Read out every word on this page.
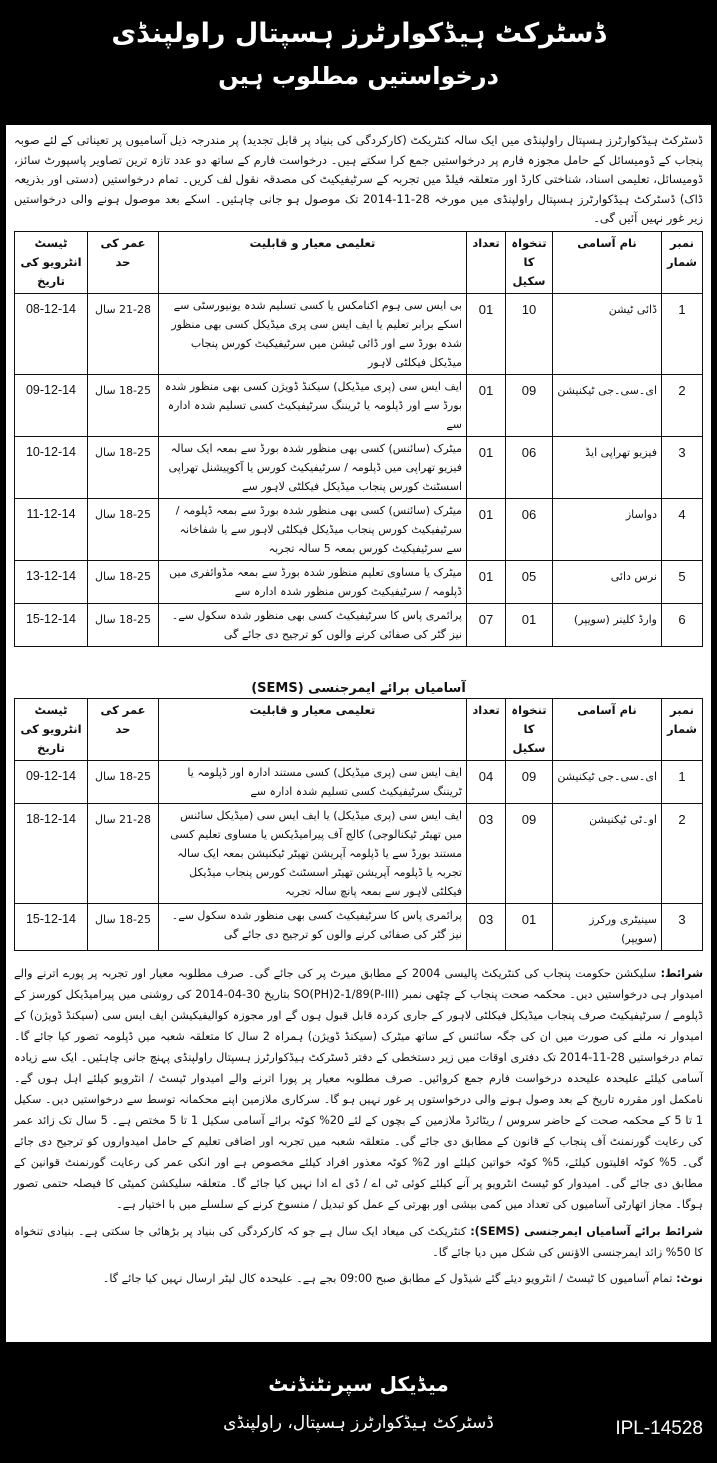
ڈسٹرکٹ ہیڈکوارٹرز ہسپتال راولپنڈی
درخواستیں مطلوب ہیں
ڈسٹرکٹ ہیڈکوارٹرز ہسپتال راولپنڈی میں ایک سالہ کنٹریکٹ (کارکردگی کی بنیاد پر قابل تجدید) پر مندرجہ ذیل آسامیوں پر تعیناتی کے لئے صوبہ پنجاب کے ڈومیسائل کے حامل مجوزہ فارم پر درخواستیں جمع کرا سکتے ہیں۔ درخواست فارم کے ساتھ دو عدد تازہ ترین تصاویر پاسپورٹ سائز، ڈومیسائل، تعلیمی اسناد، شناختی کارڈ اور متعلقہ فیلڈ میں تجربہ کے سرٹیفیکیٹ کی مصدقہ نقول لف کریں۔ تمام درخواستیں (دستی اور بذریعہ ڈاک) ڈسٹرکٹ ہیڈکوارٹرز ہسپتال راولپنڈی میں مورخہ 28-11-2014 تک موصول ہو جانی چاہئیں۔ اسکے بعد موصول ہونے والی درخواستیں زیر غور نہیں آئیں گی۔
نمبر شمار	نام آسامی	تنخواہ کا سکیل	تعداد	تعلیمی معیار و قابلیت	عمر کی حد	ٹیسٹ انٹرویو کی تاریخ
1	ڈائی ٹیشن	10	01	بی ایس سی ہوم اکنامکس یا کسی تسلیم شدہ یونیورسٹی سے اسکے برابر تعلیم یا ایف ایس سی پری میڈیکل کسی بھی منظور شدہ بورڈ سے اور ڈائی ٹیشن میں سرٹیفیکیٹ کورس پنجاب میڈیکل فیکلٹی لاہور	21-28 سال	08-12-14
2	ای۔سی۔جی ٹیکنیشن	09	01	ایف ایس سی (پری میڈیکل) سیکنڈ ڈویژن کسی بھی منظور شدہ بورڈ سے اور ڈپلومہ یا ٹریننگ سرٹیفیکیٹ کسی تسلیم شدہ ادارہ سے	18-25 سال	09-12-14
3	فیزیو تھراپی ایڈ	06	01	میٹرک (سائنس) کسی بھی منظور شدہ بورڈ سے بمعہ ایک سالہ فیزیو تھراپی میں ڈپلومہ / سرٹیفیکیٹ کورس یا آکوپیشنل تھراپی اسسٹنٹ کورس پنجاب میڈیکل فیکلٹی لاہور سے	18-25 سال	10-12-14
4	دواساز	06	01	میٹرک (سائنس) کسی بھی منظور شدہ بورڈ سے بمعہ ڈپلومہ / سرٹیفیکیٹ کورس پنجاب میڈیکل فیکلٹی لاہور سے یا شفاخانہ سے سرٹیفیکیٹ کورس بمعہ 5 سالہ تجربہ	18-25 سال	11-12-14
5	نرس دائی	05	01	میٹرک یا مساوی تعلیم منظور شدہ بورڈ سے بمعہ مڈوائفری میں ڈپلومہ / سرٹیفیکیٹ کورس منظور شدہ ادارہ سے	18-25 سال	13-12-14
6	وارڈ کلینر (سویپر)	01	07	پرائمری پاس کا سرٹیفیکیٹ کسی بھی منظور شدہ سکول سے۔ نیز گٹر کی صفائی کرنے والوں کو ترجیح دی جائے گی	18-25 سال	15-12-14
آسامیاں برائے ایمرجنسی (SEMS)
نمبر شمار	نام آسامی	تنخواہ کا سکیل	تعداد	تعلیمی معیار و قابلیت	عمر کی حد	ٹیسٹ انٹرویو کی تاریخ
1	ای۔سی۔جی ٹیکنیشن	09	04	ایف ایس سی (پری میڈیکل) کسی مستند ادارہ اور ڈپلومہ یا ٹریننگ سرٹیفیکیٹ کسی تسلیم شدہ ادارہ سے	18-25 سال	09-12-14
2	او۔ٹی ٹیکنیشن	09	03	ایف ایس سی (پری میڈیکل) یا ایف ایس سی (میڈیکل سائنس میں تھیٹر ٹیکنالوجی) کالج آف پیرامیڈیکس یا مساوی تعلیم کسی مستند بورڈ سے یا ڈپلومہ آپریشن تھیٹر ٹیکنیشن بمعہ ایک سالہ تجربہ یا ڈپلومہ آپریشن تھیٹر اسسٹنٹ کورس پنجاب میڈیکل فیکلٹی لاہور سے بمعہ پانچ سالہ تجربہ	21-28 سال	18-12-14
3	سینیٹری ورکرز (سویپر)	01	03	پرائمری پاس کا سرٹیفیکیٹ کسی بھی منظور شدہ سکول سے۔ نیز گٹر کی صفائی کرنے والوں کو ترجیح دی جائے گی	18-25 سال	15-12-14
شرائط: سلیکشن حکومت پنجاب کی کنٹریکٹ پالیسی 2004 کے مطابق میرٹ پر کی جائے گی۔ صرف مطلوبہ معیار اور تجربہ پر پورے اترنے والے امیدوار ہی درخواستیں دیں۔ محکمہ صحت پنجاب کے چٹھی نمبر SO(PH)2-1/89(P-III) بتاریخ 30-04-2014 کی روشنی میں پیرامیڈیکل کورسز کے ڈپلومے / سرٹیفیکیٹ صرف پنجاب میڈیکل فیکلٹی لاہور کے جاری کردہ قابل قبول ہوں گے اور مجوزہ کوالیفیکیشن ایف ایس سی (سیکنڈ ڈویژن) کے امیدوار نہ ملنے کی صورت میں ان کی جگہ سائنس کے ساتھ میٹرک (سیکنڈ ڈویژن) ہمراہ 2 سال کا متعلقہ شعبہ میں ڈپلومہ تصور کیا جائے گا۔ تمام درخواستیں 28-11-2014 تک دفتری اوقات میں زیر دستخطی کے دفتر ڈسٹرکٹ ہیڈکوارٹرز ہسپتال راولپنڈی پہنچ جانی چاہئیں۔ ایک سے زیادہ آسامی کیلئے علیحدہ علیحدہ درخواست فارم جمع کروائیں۔ صرف مطلوبہ معیار پر پورا اترنے والے امیدوار ٹیسٹ / انٹرویو کیلئے اہل ہوں گے۔ نامکمل اور مقررہ تاریخ کے بعد وصول ہونے والی درخواستوں پر غور نہیں ہو گا۔ سرکاری ملازمین اپنے محکمانہ توسط سے درخواستیں دیں۔ سکیل 1 تا 5 کے محکمہ صحت کے حاضر سروس / ریٹائرڈ ملازمین کے بچوں کے لئے 20% کوٹہ برائے آسامی سکیل 1 تا 5 مختص ہے۔ 5 سال تک زائد عمر کی رعایت گورنمنٹ آف پنجاب کے قانون کے مطابق دی جائے گی۔ متعلقہ شعبہ میں تجربہ اور اضافی تعلیم کے حامل امیدواروں کو ترجیح دی جائے گی۔ 5% کوٹہ اقلیتوں کیلئے، 5% کوٹہ خواتین کیلئے اور 2% کوٹہ معذور افراد کیلئے مخصوص ہے اور انکی عمر کی رعایت گورنمنٹ قوانین کے مطابق دی جائے گی۔ امیدوار کو ٹیسٹ انٹرویو پر آنے کیلئے کوئی ٹی اے / ڈی اے ادا نہیں کیا جائے گا۔ متعلقہ سلیکشن کمیٹی کا فیصلہ حتمی تصور ہوگا۔ مجاز اتھارٹی آسامیوں کی تعداد میں کمی بیشی اور بھرتی کے عمل کو تبدیل / منسوخ کرنے کے سلسلے میں با اختیار ہے۔
شرائط برائے آسامیاں ایمرجنسی (SEMS): کنٹریکٹ کی میعاد ایک سال ہے جو کہ کارکردگی کی بنیاد پر بڑھائی جا سکتی ہے۔ بنیادی تنخواہ کا 50% زائد ایمرجنسی الاؤنس کی شکل میں دیا جائے گا۔
نوٹ: تمام آسامیوں کا ٹیسٹ / انٹرویو دیئے گئے شیڈول کے مطابق صبح 09:00 بجے ہے۔ علیحدہ کال لیٹر ارسال نہیں کیا جائے گا۔
میڈیکل سپرنٹنڈنٹ
ڈسٹرکٹ ہیڈکوارٹرز ہسپتال، راولپنڈی	IPL-14528
